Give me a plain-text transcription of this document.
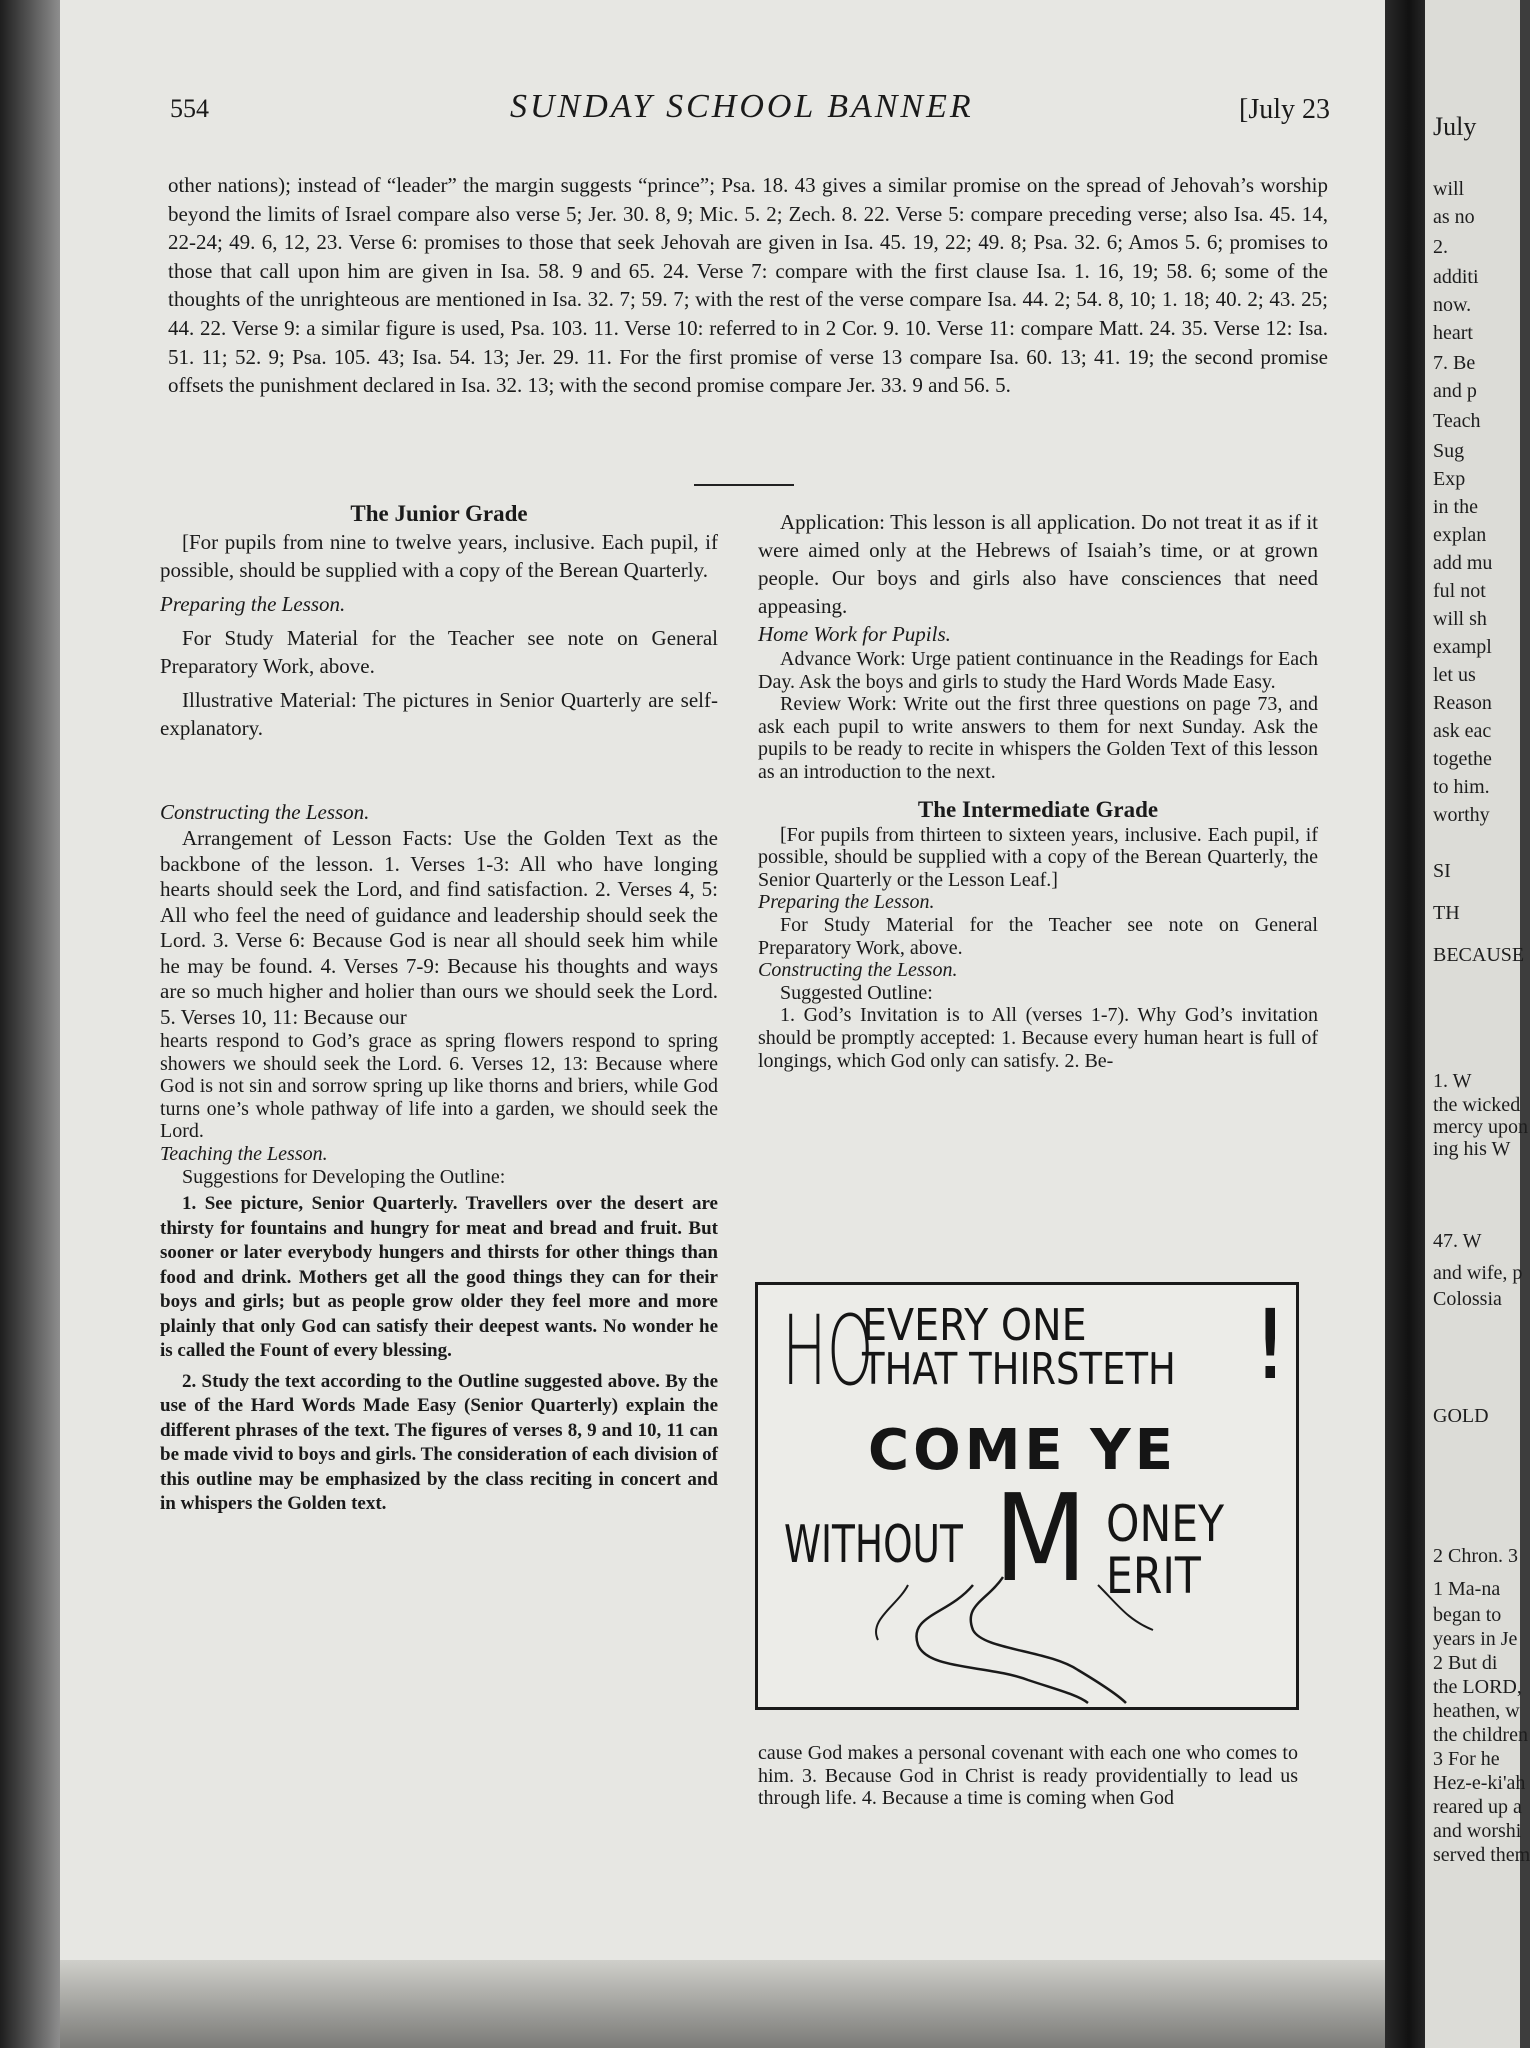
554	SUNDAY SCHOOL BANNER	[July 23

other nations); instead of “leader” the margin suggests “prince”; Psa. 18. 43 gives a similar promise on the spread of Jehovah’s worship beyond the limits of Israel compare also verse 5; Jer. 30. 8, 9; Mic. 5. 2; Zech. 8. 22. Verse 5: compare preceding verse; also Isa. 45. 14, 22-24; 49. 6, 12, 23. Verse 6: promises to those that seek Jehovah are given in Isa. 45. 19, 22; 49. 8; Psa. 32. 6; Amos 5. 6; promises to those that call upon him are given in Isa. 58. 9 and 65. 24. Verse 7: compare with the first clause Isa. 1. 16, 19; 58. 6; some of the thoughts of the unrighteous are mentioned in Isa. 32. 7; 59. 7; with the rest of the verse compare Isa. 44. 2; 54. 8, 10; 1. 18; 40. 2; 43. 25; 44. 22. Verse 9: a similar figure is used, Psa. 103. 11. Verse 10: referred to in 2 Cor. 9. 10. Verse 11: compare Matt. 24. 35. Verse 12: Isa. 51. 11; 52. 9; Psa. 105. 43; Isa. 54. 13; Jer. 29. 11. For the first promise of verse 13 compare Isa. 60. 13; 41. 19; the second promise offsets the punishment declared in Isa. 32. 13; with the second promise compare Jer. 33. 9 and 56. 5.

The Junior Grade

[For pupils from nine to twelve years, inclusive. Each pupil, if possible, should be supplied with a copy of the Berean Quarterly.

Preparing the Lesson.

For Study Material for the Teacher see note on General Preparatory Work, above.

Illustrative Material: The pictures in Senior Quarterly are self-explanatory.

Constructing the Lesson.

Arrangement of Lesson Facts: Use the Golden Text as the backbone of the lesson. 1. Verses 1-3: All who have longing hearts should seek the Lord, and find satisfaction. 2. Verses 4, 5: All who feel the need of guidance and leadership should seek the Lord. 3. Verse 6: Because God is near all should seek him while he may be found. 4. Verses 7-9: Because his thoughts and ways are so much higher and holier than ours we should seek the Lord. 5. Verses 10, 11: Because our

hearts respond to God’s grace as spring flowers respond to spring showers we should seek the Lord. 6. Verses 12, 13: Because where God is not sin and sorrow spring up like thorns and briers, while God turns one’s whole pathway of life into a garden, we should seek the Lord.

Teaching the Lesson.

Suggestions for Developing the Outline:

1. See picture, Senior Quarterly. Travellers over the desert are thirsty for fountains and hungry for meat and bread and fruit. But sooner or later everybody hungers and thirsts for other things than food and drink. Mothers get all the good things they can for their boys and girls; but as people grow older they feel more and more plainly that only God can satisfy their deepest wants. No wonder he is called the Fount of every blessing.

2. Study the text according to the Outline suggested above. By the use of the Hard Words Made Easy (Senior Quarterly) explain the different phrases of the text. The figures of verses 8, 9 and 10, 11 can be made vivid to boys and girls. The consideration of each division of this outline may be emphasized by the class reciting in concert and in whispers the Golden text.

Application: This lesson is all application. Do not treat it as if it were aimed only at the Hebrews of Isaiah’s time, or at grown people. Our boys and girls also have consciences that need appeasing.

Home Work for Pupils.

Advance Work: Urge patient continuance in the Readings for Each Day. Ask the boys and girls to study the Hard Words Made Easy.

Review Work: Write out the first three questions on page 73, and ask each pupil to write answers to them for next Sunday. Ask the pupils to be ready to recite in whispers the Golden Text of this lesson as an introduction to the next.

The Intermediate Grade

[For pupils from thirteen to sixteen years, inclusive. Each pupil, if possible, should be supplied with a copy of the Berean Quarterly, the Senior Quarterly or the Lesson Leaf.]

Preparing the Lesson.

For Study Material for the Teacher see note on General Preparatory Work, above.

Constructing the Lesson.

Suggested Outline:

1. God’s Invitation is to All (verses 1-7). Why God’s invitation should be promptly accepted: 1. Because every human heart is full of longings, which God only can satisfy. 2. Be-

HO
EVERY ONE
THAT THIRSTETH !
COME YE
WITHOUT M ONEY
ERIT

cause God makes a personal covenant with each one who comes to him. 3. Because God in Christ is ready providentially to lead us through life. 4. Because a time is coming when God

July
will
as no
2.
additi
now.
heart
7. Be
and p
Teach
Sug
Exp
in the
explan
add mu
ful not
will sh
exampl
let us
Reason
ask eac
togethe
to him.
worthy
SI
TH
BECAUSE
1. W
the wicked
mercy upon
ing his W
47. W
and wife, p
Colossia
GOLD
2 Chron. 3
1 Ma-na
began to
years in Je
2 But di
the LORD,
heathen, w
the children
3 For he
Hez-e-ki'ah
reared up a
and worshi
served them
